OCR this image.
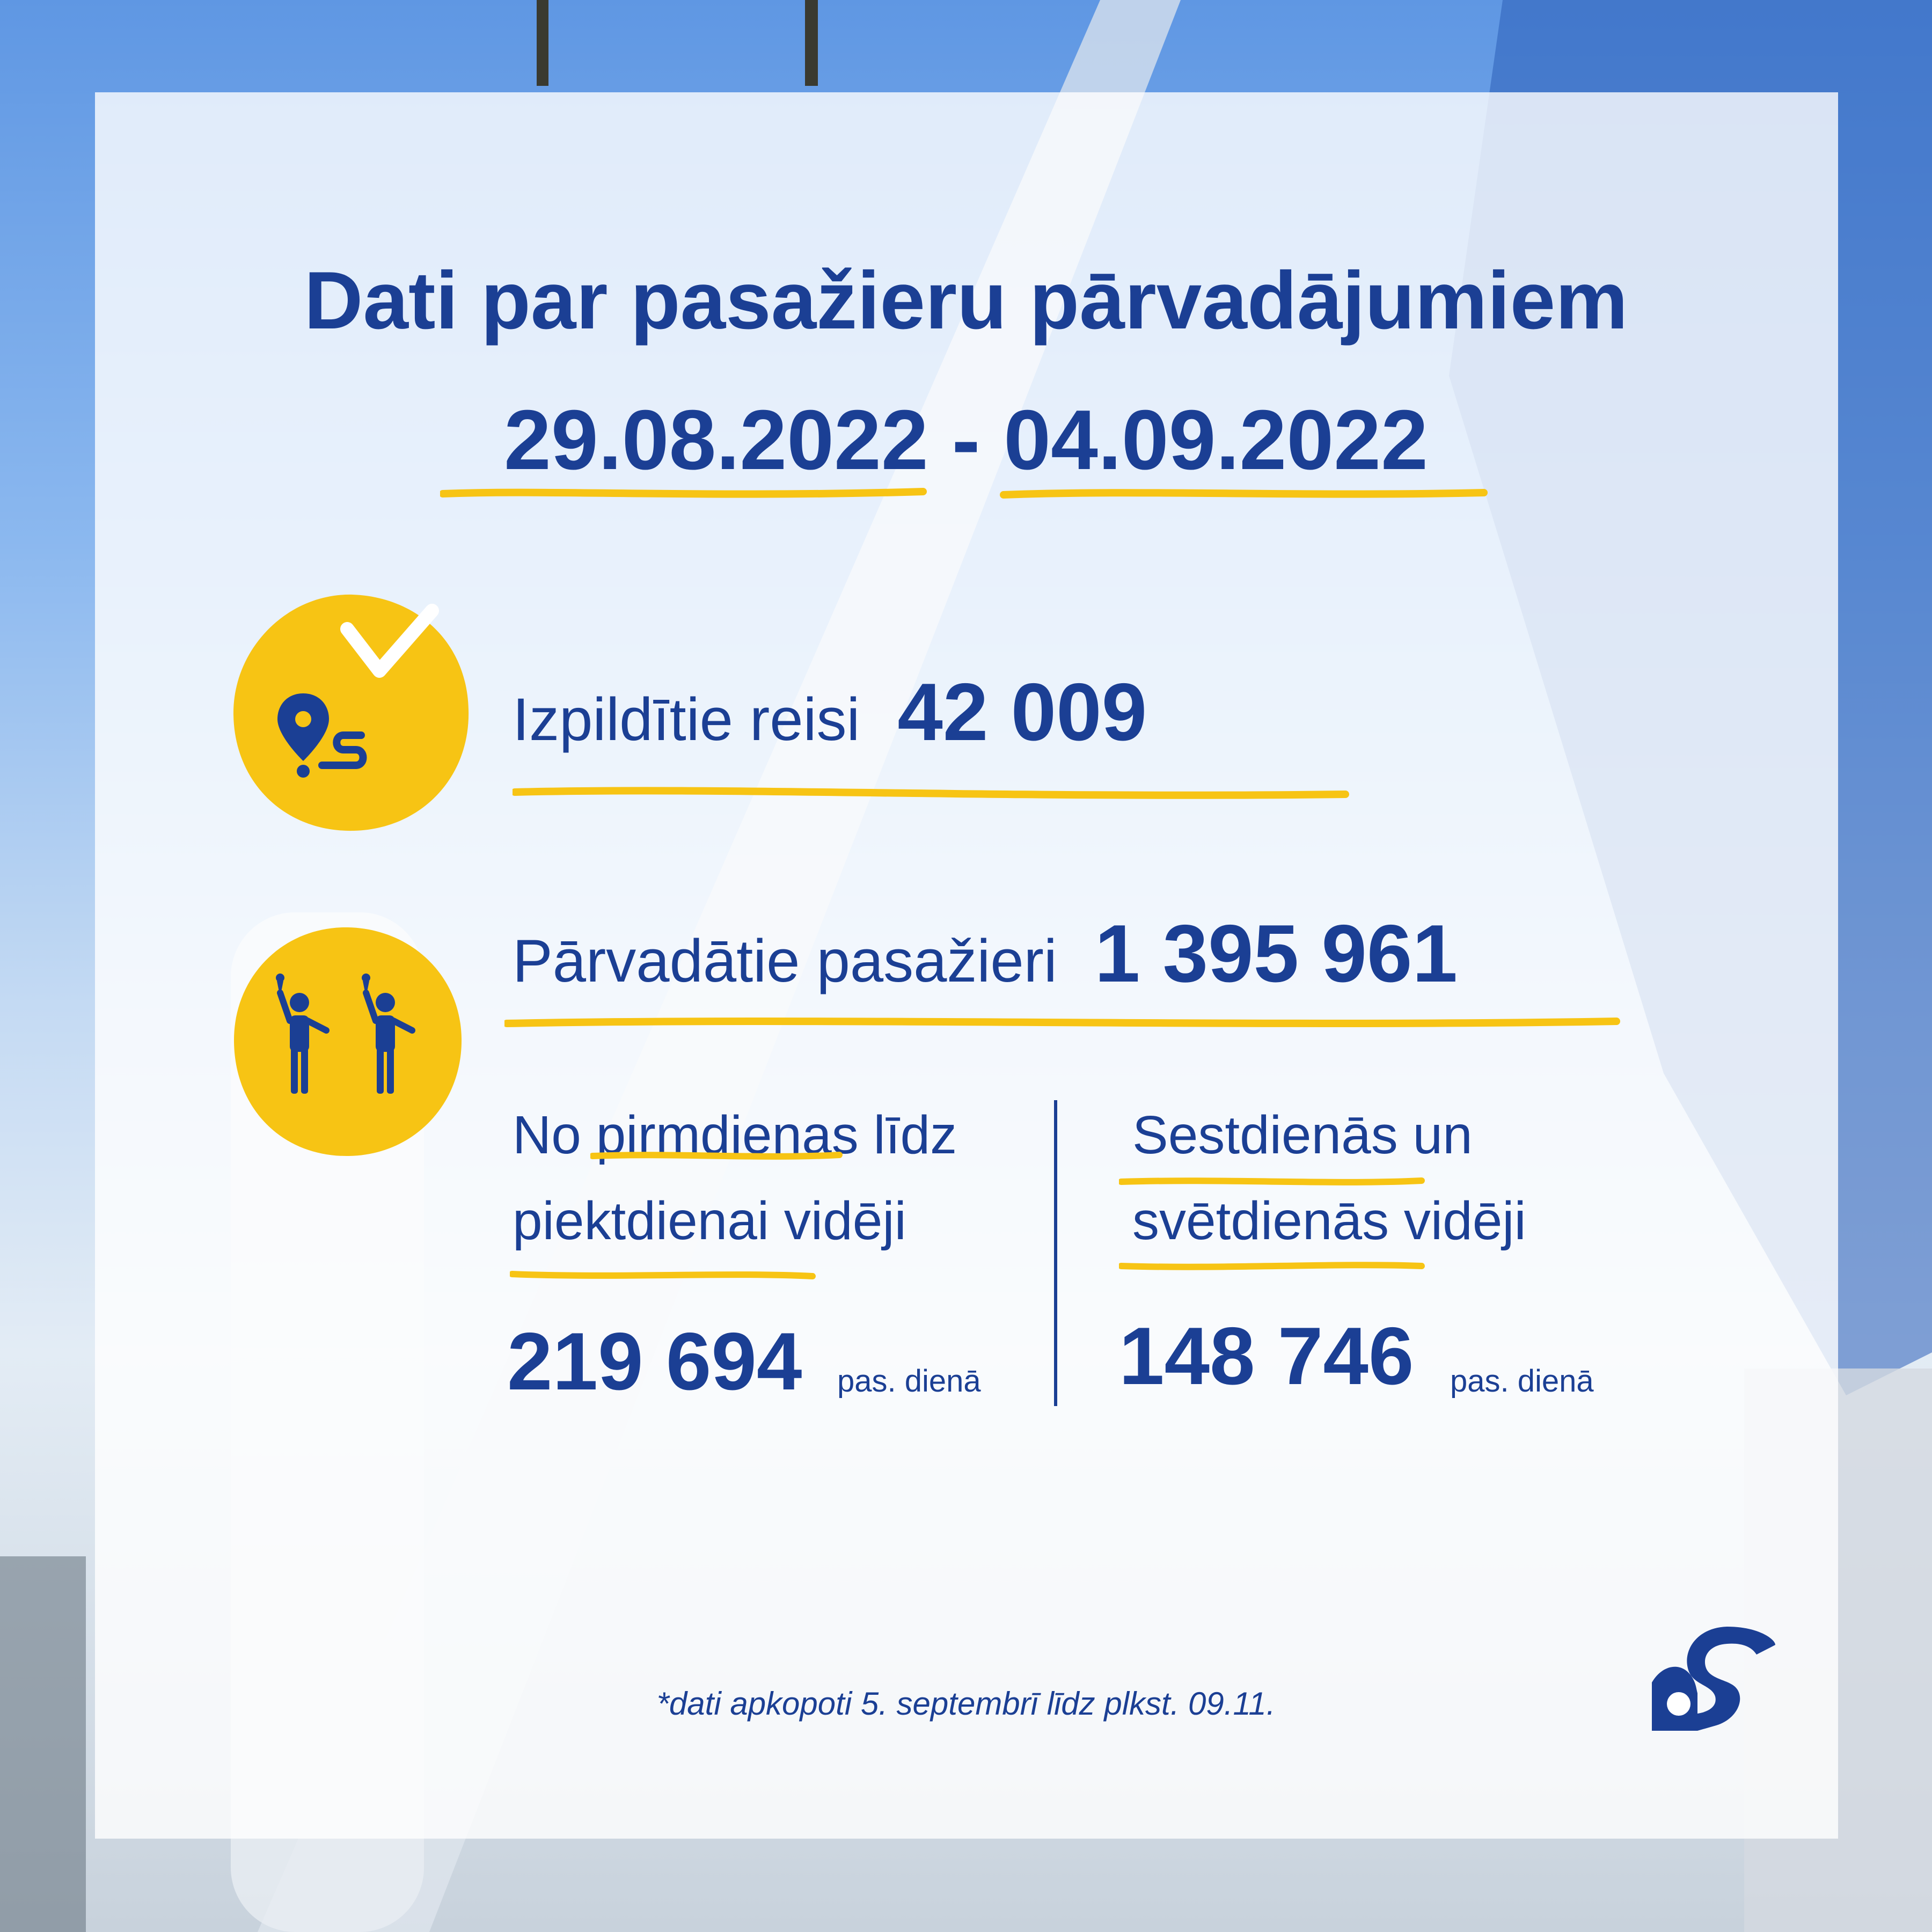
Dati par pasažieru pārvadājumiem
29.08.2022 - 04.09.2022
Izpildītie reisi 42 009
Pārvadātie pasažieri 1 395 961
No pirmdienas līdz
piektdienai vidēji
219 694 pas. dienā
Sestdienās un
svētdienās vidēji
148 746 pas. dienā
*dati apkopoti 5. septembrī līdz plkst. 09.11.
